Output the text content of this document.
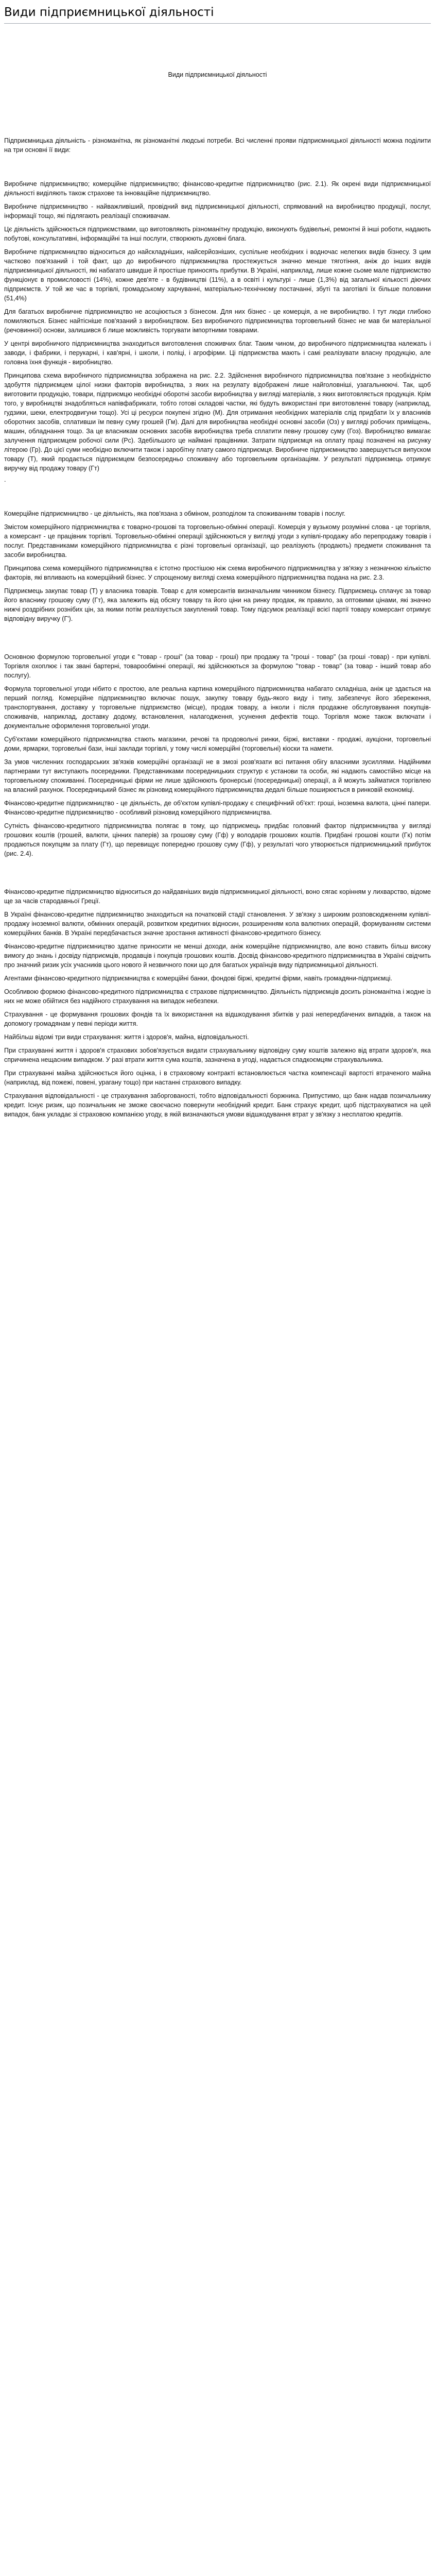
Види підприємницької діяльності
Види підприємницької діяльності

Підприємницька діяльність - різноманітна, як різноманітні людські потреби. Всі численні прояви підприємницької діяльності можна поділити на три основні її види:

Виробниче підприємництво; комерційне підприємництво; фінансово-кредитне підприємництво (рис. 2.1). Як окрені види підприємницької діяльності виділяють також страхове та інноваційне підприємництво.

Виробниче підприємництво - найважливіший, провідний вид підприємницької діяльності, спрямований на виробництво продукції, послуг, інформації тощо, які підлягають реалізації споживачам.

Цє діяльність здійснюється підприємствами, що виготовляють різноманітну продукцію, виконують будівельні, ремонтні й інші роботи, надають побутові, консультативні, інформаційні та інші послуги, створюють духовні блага.

Виробниче підприємництво відноситься до найскладніших, найсерйозніших, суспільне необхідних і водночас нелегких видів бізнесу. З цим частково пов'язаний і той факт, що до виробничого підприємництва простежується значно менше тяготіння, аніж до інших видів підприємницької діяльності, які набагато швидше й простіше приносять прибутки. В Україні, наприклад, лише кожне сьоме мале підприємство функціонує в промисловості (14%), кожне дев'яте - в будівництві (11%), а в освіті і культурі - лише (1,3%) від загальної кількості діючих підприємств. У той же час в торгівлі, громадському харчуванні, матеріально-технічному постачанні, збуті та заготівлі їх більше половини (51,4%)

Для багатьох виробничне підприємництво не асоціюється з бізнесом. Для них бізнес - це комерція, а не виробництво. І тут люди глибоко помиляються. Бізнес найтісніше пов'язаний з виробництвом. Без виробничого підприємництва торговельний бізнес не мав би матеріальної (речовинної) основи, залишився б лише можливість торгувати імпортними товарами.

У центрі виробничого підприємництва знаходиться виготовлення споживчих благ. Таким чином, до виробничого підприємництва належать і заводи, і фабрики, і перукарні, і кав'ярні, і школи, і поліці, і агрофірми. Ці підприємства мають і самі реалізувати власну продукцію, але головна їхня функція - виробництво.

Принципова схема виробничого підприємництва зображена на рис. 2.2. Здійснення виробничого підприємництва пов'язане з необхідністю здобуття підприємцем цілої низки факторів виробництва, з яких на резулату відображені лише найголовніші, узагальнюючі. Так, щоб виготовити продукцію, товари, підприємцю необхідні оборотні засоби виробництва у вигляді матеріалів, з яких виготовляється продукція. Крім того, у виробництві знадобляться напівфабрикати, тобто готові складові частки, які будуть використані при виготовленні товару (наприклад, гудзики, шеки, електродвигуни тощо). Усі ці ресурси покупені згідно (М). Для отримання необхідних матеріалів слід придбати їх у власників оборотних засобів, сплативши їм певну суму грошей (Гм). Далі для виробництва необхідні основні засоби (Оз) у вигляді робочих приміщень, машин, обладнання тощо. За це власникам основних засобів виробництва треба сплатити певну грошову суму (Гоз). Виробництво вимагає залучення підприємцем робочої сили (Рс). Здебільшого це наймані працівники. Затрати підприємця на оплату праці позначені на рисунку літерою (Гр). До цієї суми необхідно включити також і заробітну плату самого підприємця. Виробниче підприємництво завершується випуском товару (Т), який продається підприємцем безпосередньо споживачу або торговельним організаціям. У результаті підприємець отримує виручку від продажу товару (Гт)

.

Комерційне підприємництво - це діяльність, яка пов'язана з обміном, розподілом та споживанням товарів і послуг.

Змістом комерційного підприємництва є товарно-грошові та торговельно-обмінні операції. Комерція у вузькому розумінні слова - це торгівля, а комерсант - це працівник торгівлі. Торговельно-обмінні операції здійснюються у вигляді угоди з купівлі-продажу або перепродажу товарів і послуг. Представниками комерційного підприємництва є різні торговельні організації, що реалізують (продають) предмети споживання та засоби виробництва.

Принципова схема комерційного підприємництва є істотно простішою ніж схема виробничого підприємництва у зв'язку з незначною кількістю факторів, які впливають на комерційний бізнес. У спрощеному вигляді схема комерційного підприємництва подана на рис. 2.3.

Підприємець закупає товар (Т) у власника товарів. Товар є для комерсантів визначальним чинником бізнесу. Підприємець сплачує за товар його власнику грошову суму (Гт), яка залежить від обсягу товару та його ціни на ринку продаж, як правило, за оптовими цінами, які значно нижчі роздрібних рознібих цін, за якими потім реалізується закуплений товар. Тому підсумок реалізації всієї партії товару комерсант отримує відповідну виручку (Г').

Основною формулою торговельної угоди є "товар - гроші" (за товар - гроші) при продажу та "гроші - товар" (за гроші -товар) - при купівлі. Торгівля охоплює і так звані бартерні, товарообмінні операції, які здійснюються за формулою "товар - товар" (за товар - інший товар або послугу).

Формула торговельної угоди нібито є простою, але реальна картина комерційного підприємництва набагато складніша, аніж це здається на перший погляд. Комерційне підприємництво включає пошук, закупку товару будь-якого виду і типу, забезпечує його збереження, транспортування, доставку у торговельне підприємство (місце), продаж товару, а інколи і після продажне обслуговування покупців-споживачів, наприклад, доставку додому, встановлення, налагодження, усунення дефектів тощо. Торгівля може також включати і документальне оформлення торговельної угоди.

Суб'єктами комерційного підприємництва стають магазини, речові та продовольчі ринки, біржі, виставки - продажі, аукціони, торговельні доми, ярмарки, торговельні бази, інші заклади торгівлі, у тому числі комерційні (торговельні) кіоски та намети.

За умов численних господарських зв'язків комерційні організації не в змозі розв'язати всі питання обігу власними зусиллями. Надійними партнерами тут виступають посередники. Представниками посередницьких структур є установи та особи, які надають самостійно місце на торговельному споживанні. Посередницькі фірми не лише здійснюють бронерські (посередницькі) операції, а й можуть займатися торгівлею на власний рахунок. Посередницький бізнес як різновид комерційного підприємництва дедалі більше поширюється в ринковій економіці.

Фінансово-кредитне підприємництво - це діяльність, де об'єктом купівлі-продажу є специфічний об'єкт: гроші, іноземна валюта, цінні папери. Фінансово-кредитне підприємництво - особливий різновид комерційного підприємництва.

Сутність фінансово-кредитного підприємництва полягає в тому, що підприємець придбає головний фактор підприємництва у вигляді грошових коштів (грошей, валюти, цінних паперів) за грошову суму (Гф) у володарів грошових коштів. Придбані грошові кошти (Гк) потім продаються покупцям за плату (Гт), що перевищує попередню грошову суму (Гф), у результаті чого утворюється підприємницький прибуток (рис. 2.4).

Фінансово-кредитне підприємництво відноситься до найдавніших видів підприємницької діяльності, воно сягає корінням у лихварство, відоме ще за часів стародавньої Греції.

В Україні фінансово-кредитне підприємництво знаходиться на початковій стадії становлення. У зв'язку з широким розповсюдженням купівлі-продажу іноземної валюти, обмінних операцій, розвитком кредитних відносин, розширенням кола валютних операцій, формуванням системи комерційних банків. В Україні передбачається значне зростання активності фінансово-кредитного бізнесу.

Фінансово-кредитне підприємництво здатне приносити не менші доходи, аніж комерційне підприємництво, але воно ставить більш високу вимогу до знань і досвіду підприємців, продавців і покупців грошових коштів. Досвід фінансово-кредитного підприємництва в Україні свідчить про значний ризик усіх учасників цього нового й незвичного поки що для багатьох українців виду підприємницької діяльності.

Агентами фінансово-кредитного підприємництва є комерційні банки, фондові біржі, кредитні фірми, навіть громадяни-підприємці.

Особливою формою фінансово-кредитного підприємництва є страхове підприємництво. Діяльність підприємців досить різноманітна і жодне із них не може обійтися без надійного страхування на випадок небезпеки.

Страхування - це формування грошових фондів та їх використання на відшкодування збитків у разі непередбачених випадків, а також на допомогу громадянам у певні періоди життя.

Найбільш відомі три види страхування: життя і здоров'я, майна, відповідальності.

При страхуванні життя і здоров'я страхових зобов'язується видати страхувальнику відповідну суму коштів залежно від втрати здоров'я, яка спричинена нещасним випадком. У разі втрати життя сума коштів, зазначена в угоді, надається спадкоємцям страхувальника.

При страхуванні майна здійснюється його оцінка, і в страховому контракті встановлюється частка компенсації вартості втраченого майна (наприклад, від пожежі, повені, урагану тощо) при настанні страхового випадку.

Страхування відповідальності - це страхування заборгованості, тобто відповідальності боржника. Припустимо, що банк надав позичальнику кредит. Існує ризик, що позичальник не зможе своєчасно повернути необхідний кредит. Банк страхує кредит, щоб підстрахуватися на цей випадок, банк укладає зі страховою компанією угоду, в якій визначаються умови відшкодування втрат у зв'язку з несплатою кредитів.
